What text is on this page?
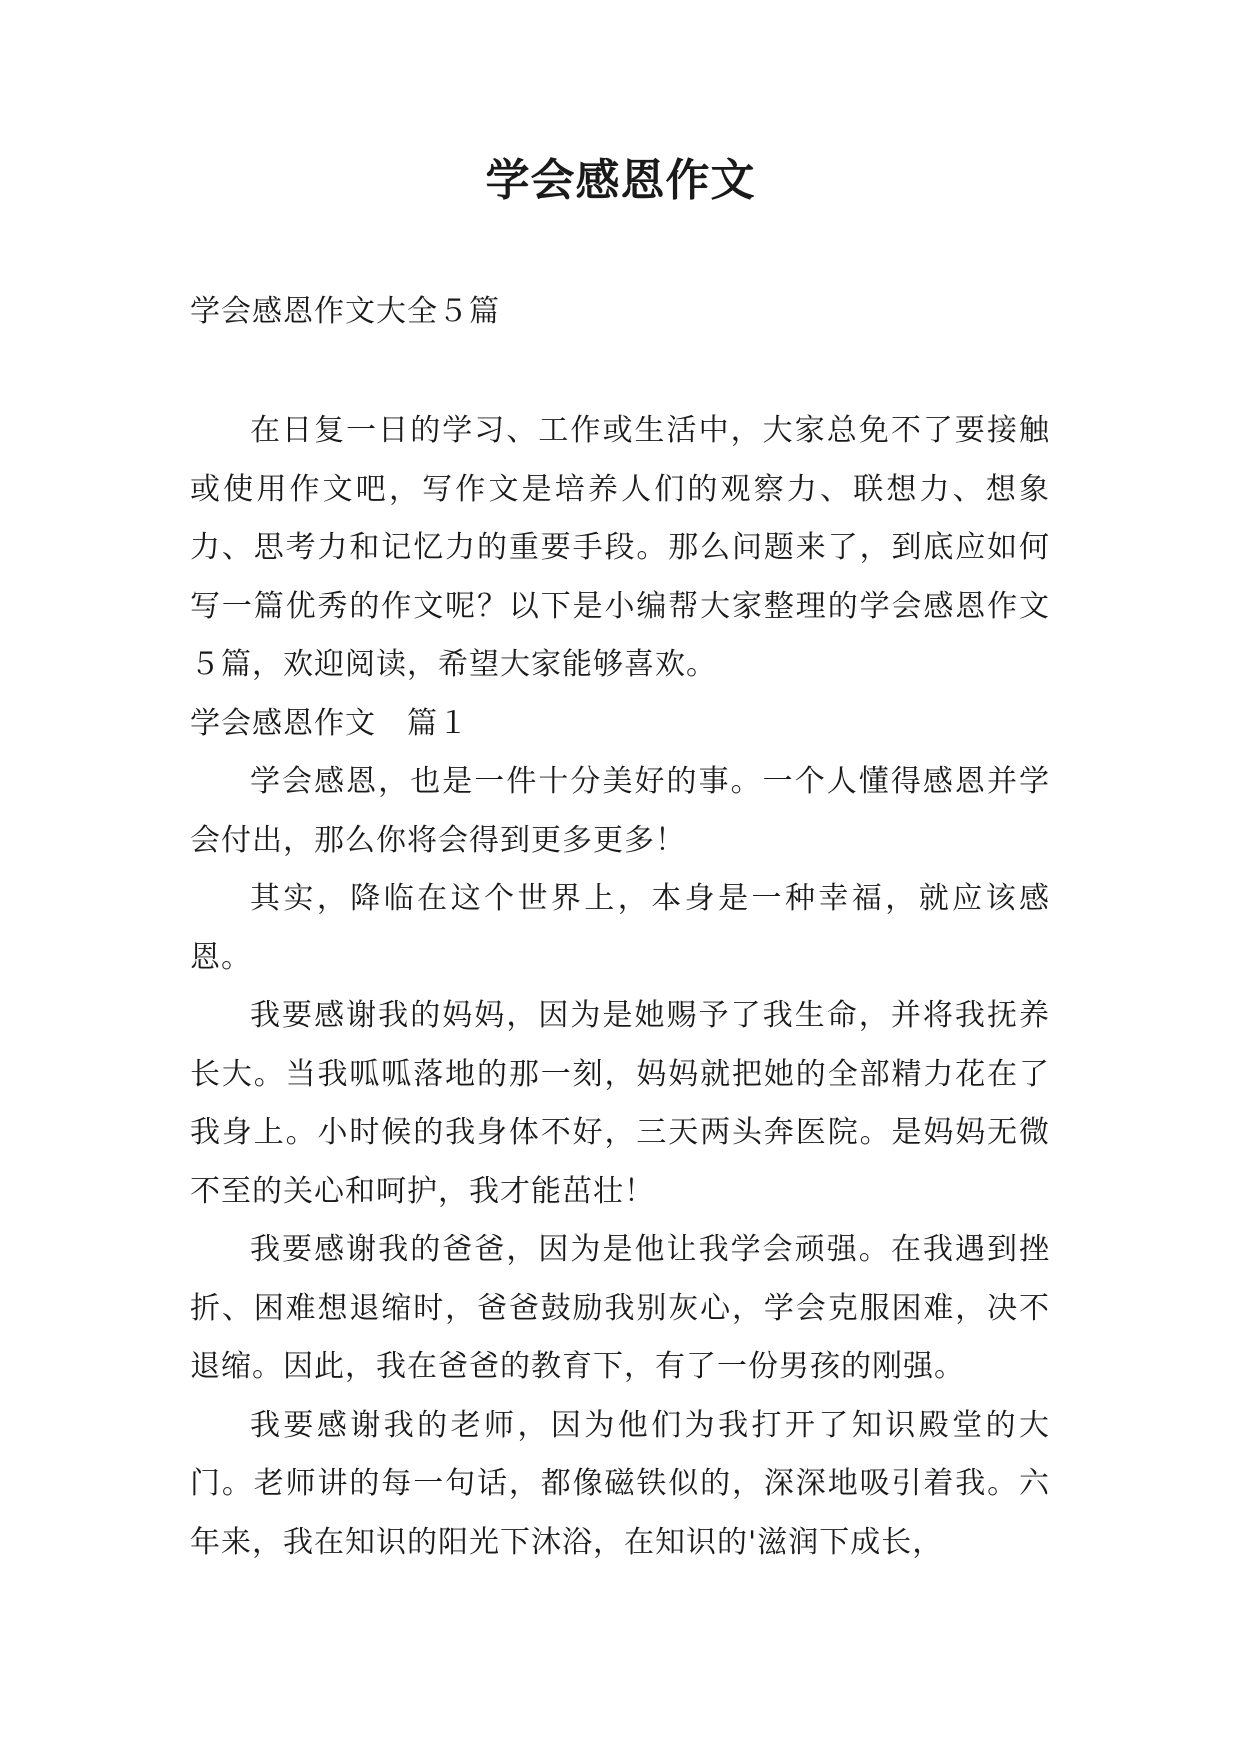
学会感恩作文

学会感恩作文大全５篇

在日复一日的学习、工作或生活中，大家总免不了要接触或使用作文吧，写作文是培养人们的观察力、联想力、想象力、思考力和记忆力的重要手段。那么问题来了，到底应如何写一篇优秀的作文呢？以下是小编帮大家整理的学会感恩作文５篇，欢迎阅读，希望大家能够喜欢。

学会感恩作文　篇１

学会感恩，也是一件十分美好的事。一个人懂得感恩并学会付出，那么你将会得到更多更多！

其实，降临在这个世界上，本身是一种幸福，就应该感恩。

我要感谢我的妈妈，因为是她赐予了我生命，并将我抚养长大。当我呱呱落地的那一刻，妈妈就把她的全部精力花在了我身上。小时候的我身体不好，三天两头奔医院。是妈妈无微不至的关心和呵护，我才能茁壮！

我要感谢我的爸爸，因为是他让我学会顽强。在我遇到挫折、困难想退缩时，爸爸鼓励我别灰心，学会克服困难，决不退缩。因此，我在爸爸的教育下，有了一份男孩的刚强。

我要感谢我的老师，因为他们为我打开了知识殿堂的大门。老师讲的每一句话，都像磁铁似的，深深地吸引着我。六年来，我在知识的阳光下沐浴，在知识的'滋润下成长，
